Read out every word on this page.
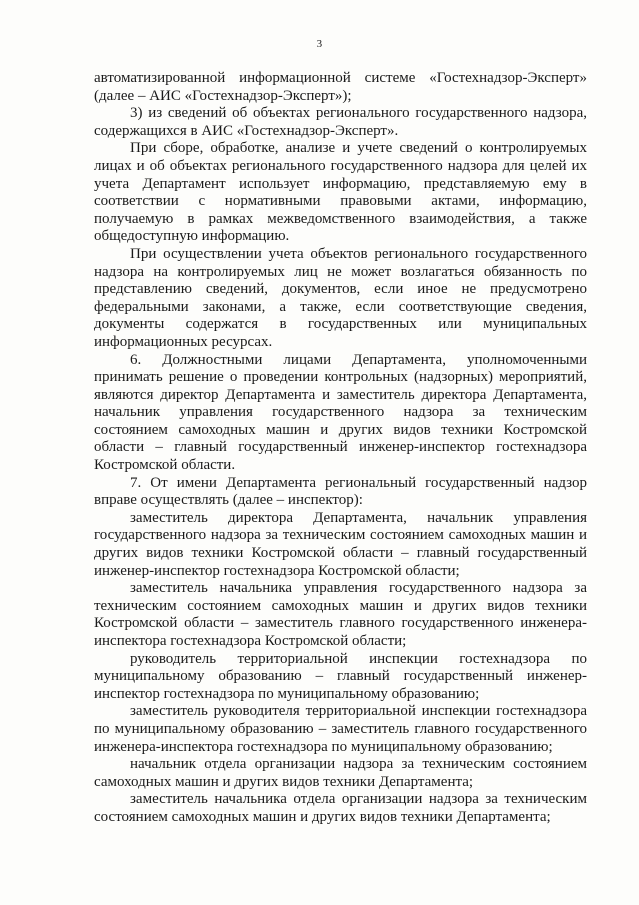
3

автоматизированной информационной системе «Гостехнадзор-Эксперт» (далее – АИС «Гостехнадзор-Эксперт»);

3) из сведений об объектах регионального государственного надзора, содержащихся в АИС «Гостехнадзор-Эксперт».

При сборе, обработке, анализе и учете сведений о контролируемых лицах и об объектах регионального государственного надзора для целей их учета Департамент использует информацию, представляемую ему в соответствии с нормативными правовыми актами, информацию, получаемую в рамках межведомственного взаимодействия, а также общедоступную информацию.

При осуществлении учета объектов регионального государственного надзора на контролируемых лиц не может возлагаться обязанность по представлению сведений, документов, если иное не предусмотрено федеральными законами, а также, если соответствующие сведения, документы содержатся в государственных или муниципальных информационных ресурсах.

6. Должностными лицами Департамента, уполномоченными принимать решение о проведении контрольных (надзорных) мероприятий, являются директор Департамента и заместитель директора Департамента, начальник управления государственного надзора за техническим состоянием самоходных машин и других видов техники Костромской области – главный государственный инженер-инспектор гостехнадзора Костромской области.

7. От имени Департамента региональный государственный надзор вправе осуществлять (далее – инспектор):

заместитель директора Департамента, начальник управления государственного надзора за техническим состоянием самоходных машин и других видов техники Костромской области – главный государственный инженер-инспектор гостехнадзора Костромской области;

заместитель начальника управления государственного надзора за техническим состоянием самоходных машин и других видов техники Костромской области – заместитель главного государственного инженера-инспектора гостехнадзора Костромской области;

руководитель территориальной инспекции гостехнадзора по муниципальному образованию – главный государственный инженер-инспектор гостехнадзора по муниципальному образованию;

заместитель руководителя территориальной инспекции гостехнадзора по муниципальному образованию – заместитель главного государственного инженера-инспектора гостехнадзора по муниципальному образованию;

начальник отдела организации надзора за техническим состоянием самоходных машин и других видов техники Департамента;

заместитель начальника отдела организации надзора за техническим состоянием самоходных машин и других видов техники Департамента;
